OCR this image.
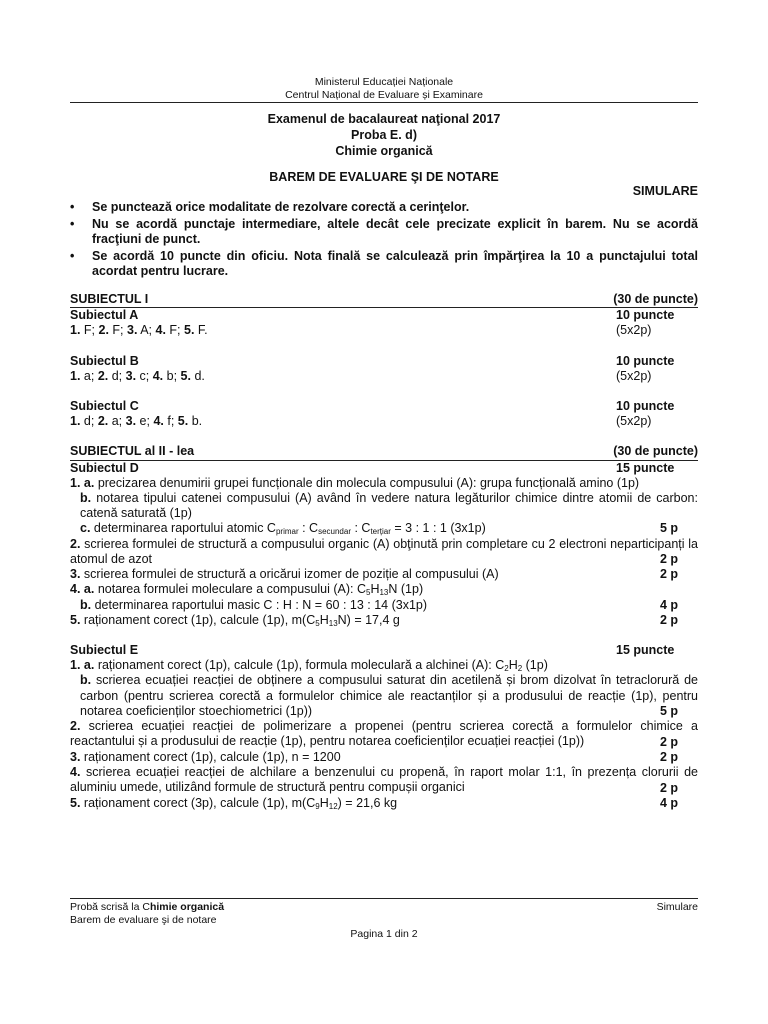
Ministerul Educației Naționale
Centrul Național de Evaluare și Examinare
Examenul de bacalaureat naţional 2017
Proba E. d)
Chimie organică
BAREM DE EVALUARE ŞI DE NOTARE
SIMULARE
•	Se punctează orice modalitate de rezolvare corectă a cerinţelor.
•	Nu se acordă punctaje intermediare, altele decât cele precizate explicit în barem. Nu se acordă fracţiuni de punct.
•	Se acordă 10 puncte din oficiu. Nota finală se calculează prin împărţirea la 10 a punctajului total acordat pentru lucrare.
SUBIECTUL I	(30 de puncte)
Subiectul A	10 puncte
1. F; 2. F; 3. A; 4. F; 5. F.	(5x2p)
Subiectul B	10 puncte
1. a; 2. d; 3. c; 4. b; 5. d.	(5x2p)
Subiectul C	10 puncte
1. d; 2. a; 3. e; 4. f; 5. b.	(5x2p)
SUBIECTUL al II - lea	(30 de puncte)
Subiectul D	15 puncte
1. a. precizarea denumirii grupei funcționale din molecula compusului (A): grupa funcțională amino (1p)
b. notarea tipului catenei compusului (A) având în vedere natura legăturilor chimice dintre atomii de carbon: catenă saturată (1p)
c. determinarea raportului atomic $C_{primar}$ : $C_{secundar}$ : $C_{terțiar} = 3$ : 1 : 1 (3x1p)	5 p
2. scrierea formulei de structură a compusului organic (A) obţinută prin completare cu 2 electroni neparticipanți la atomul de azot	2 p
3. scrierea formulei de structură a oricărui izomer de poziție al compusului (A)	2 p
4. a. notarea formulei moleculare a compusului (A): $C_5H_{13}N$ (1p)
b. determinarea raportului masic C : H : N = 60 : 13 : 14 (3x1p)	4 p
5. raționament corect (1p), calcule (1p), $m(C_5H_{13}N) = 17,4$ g	2 p
Subiectul E	15 puncte
1. a. raționament corect (1p), calcule (1p), formula moleculară a alchinei (A): $C_2H_2$ (1p)
b. scrierea ecuației reacției de obținere a compusului saturat din acetilenă și brom dizolvat în tetraclorură de carbon (pentru scrierea corectă a formulelor chimice ale reactanților și a produsului de reacție (1p), pentru notarea coeficienților stoechiometrici (1p))	5 p
2. scrierea ecuației reacției de polimerizare a propenei (pentru scrierea corectă a formulelor chimice a reactantului și a produsului de reacție (1p), pentru notarea coeficienților ecuației reacției (1p))	2 p
3. raționament corect (1p), calcule (1p), n = 1200	2 p
4. scrierea ecuației reacției de alchilare a benzenului cu propenă, în raport molar 1:1, în prezența clorurii de aluminiu umede, utilizând formule de structură pentru compușii organici	2 p
5. raționament corect (3p), calcule (1p), $m(C_9H_{12}) = 21,6$ kg	4 p
Probă scrisă la Chimie organică	Simulare
Barem de evaluare şi de notare
Pagina 1 din 2
